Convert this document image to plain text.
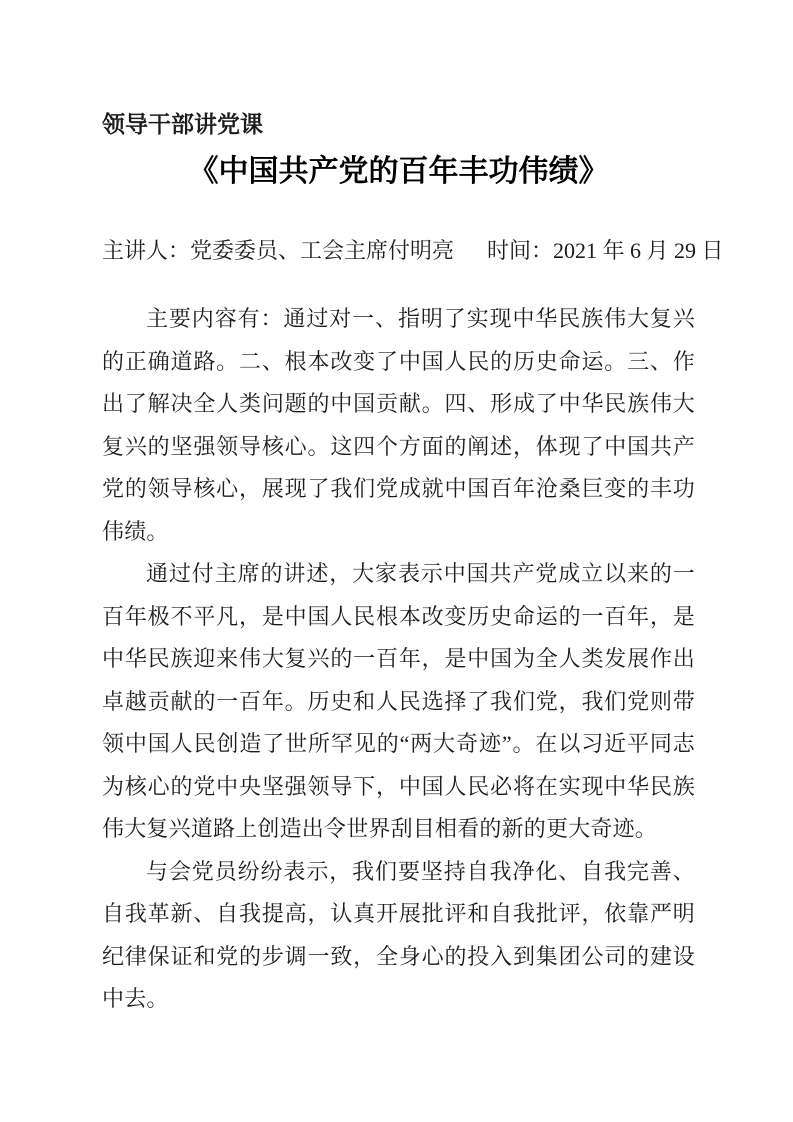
领导干部讲党课
《中国共产党的百年丰功伟绩》
主讲人：党委委员、工会主席付明亮 时间：2021 年 6 月 29 日

主要内容有：通过对一、指明了实现中华民族伟大复兴的正确道路。二、根本改变了中国人民的历史命运。三、作出了解决全人类问题的中国贡献。四、形成了中华民族伟大复兴的坚强领导核心。这四个方面的阐述，体现了中国共产党的领导核心，展现了我们党成就中国百年沧桑巨变的丰功伟绩。

通过付主席的讲述，大家表示中国共产党成立以来的一百年极不平凡，是中国人民根本改变历史命运的一百年，是中华民族迎来伟大复兴的一百年，是中国为全人类发展作出卓越贡献的一百年。历史和人民选择了我们党，我们党则带领中国人民创造了世所罕见的“两大奇迹”。在以习近平同志为核心的党中央坚强领导下，中国人民必将在实现中华民族伟大复兴道路上创造出令世界刮目相看的新的更大奇迹。

与会党员纷纷表示，我们要坚持自我净化、自我完善、自我革新、自我提高，认真开展批评和自我批评，依靠严明纪律保证和党的步调一致，全身心的投入到集团公司的建设中去。
